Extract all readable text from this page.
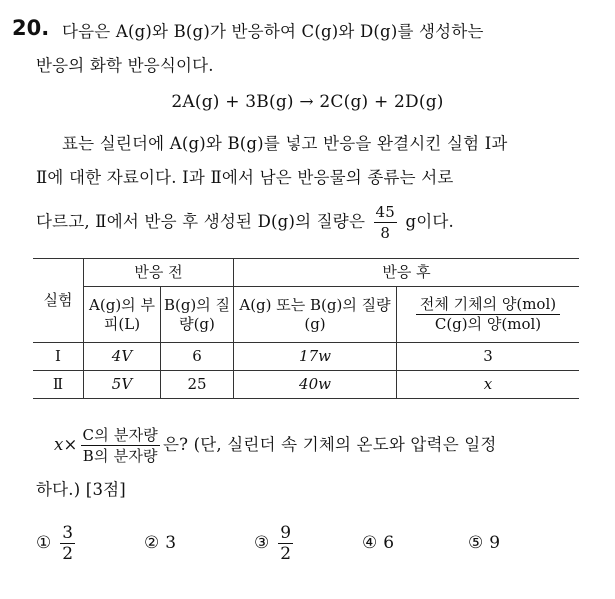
20. 다음은 A(g)와 B(g)가 반응하여 C(g)와 D(g)를 생성하는
반응의 화학 반응식이다.
2A(g) + 3B(g) → 2C(g) + 2D(g)
표는 실린더에 A(g)와 B(g)를 넣고 반응을 완결시킨 실험 Ⅰ과
Ⅱ에 대한 자료이다. Ⅰ과 Ⅱ에서 남은 반응물의 종류는 서로
다르고, Ⅱ에서 반응 후 생성된 D(g)의 질량은 $\frac{45}{8}$ g이다.
실험	반응 전		반응 후	
	A(g)의 부피(L)	B(g)의 질량(g)	A(g) 또는 B(g)의 질량(g)	전체 기체의 양(mol)
C(g)의 양(mol)
Ⅰ	4V	6	17w	3
Ⅱ	5V	25	40w	x
$x\times \frac{\text{C의 분자량}}{\text{B의 분자량}}$ 은? (단, 실린더 속 기체의 온도와 압력은 일정
하다.) [3점]
① $\frac{3}{2}$	② 3	③ $\frac{9}{2}$	④ 6	⑤ 9
